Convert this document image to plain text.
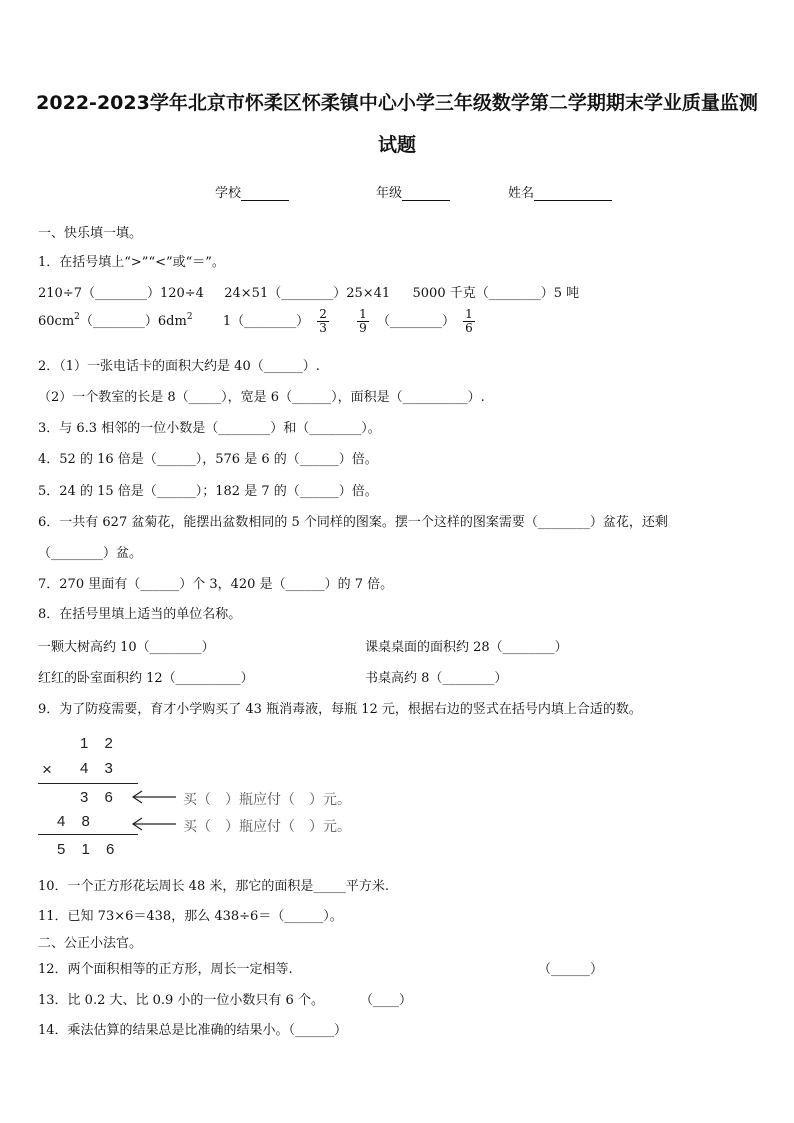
2022-2023学年北京市怀柔区怀柔镇中心小学三年级数学第二学期期末学业质量监测
试题
学校	年级	姓名
一、快乐填一填。
1．在括号填上“>”“<”或“＝”。
210÷7（________）120÷4 24×51（________）25×41 5000 千克（________）5 吨
$60cm^2(\_\_\_\_\_\_\_\_)6dm^2$ 1（________） $\frac{2}{3}$
$\frac{1}{9}$ （________） $\frac{1}{6}$
2．（1）一张电话卡的面积大约是 40（______）.
（2）一个教室的长是 8（_____），宽是 6（______），面积是（__________）.
3．与 6.3 相邻的一位小数是（________）和（________）。
4．52 的 16 倍是（______），576 是 6 的（______）倍。
5．24 的 15 倍是（______）；182 是 7 的（______）倍。
6．一共有 627 盆菊花，能摆出盆数相同的 5 个同样的图案。摆一个这样的图案需要（________）盆花，还剩
（________）盆。
7．270 里面有（______）个 3，420 是（______）的 7 倍。
8．在括号里填上适当的单位名称。
一颗大树高约 10（________）	课桌桌面的面积约 28（________）
红红的卧室面积约 12（__________）	书桌高约 8（________）
9．为了防疫需要，育才小学购买了 43 瓶消毒液，每瓶 12 元，根据右边的竖式在括号内填上合适的数。
1 2
× 4 3
3 6
4 8
5 1 6
买（　）瓶应付（　）元。
买（　）瓶应付（　）元。
10．一个正方形花坛周长 48 米，那它的面积是_____平方米.
11．已知 73×6＝438，那么 438÷6＝（______）。
二、公正小法官。
12．两个面积相等的正方形，周长一定相等.	（______）
13．比 0.2 大、比 0.9 小的一位小数只有 6 个。	（____）
14．乘法估算的结果总是比准确的结果小。（______）
